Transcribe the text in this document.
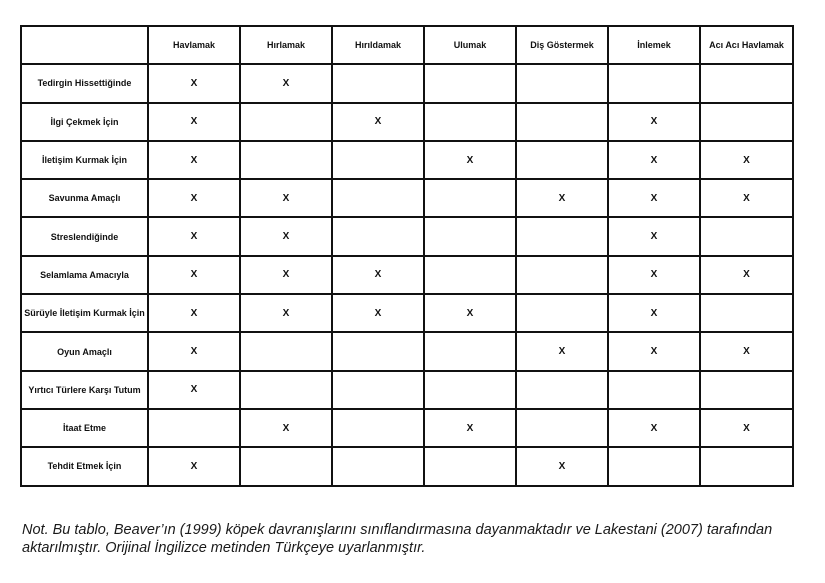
	Havlamak	Hırlamak	Hırıldamak	Ulumak	Diş Göstermek	İnlemek	Acı Acı Havlamak
Tedirgin Hissettiğinde	X	X					
İlgi Çekmek İçin	X		X			X	
İletişim Kurmak İçin	X			X		X	X
Savunma Amaçlı	X	X			X	X	X
Streslendiğinde	X	X				X	
Selamlama Amacıyla	X	X	X			X	X
Sürüyle İletişim Kurmak İçin	X	X	X	X		X	
Oyun Amaçlı	X				X	X	X
Yırtıcı Türlere Karşı Tutum	X						
İtaat Etme		X		X		X	X
Tehdit Etmek İçin	X				X		

Not. Bu tablo, Beaver’ın (1999) köpek davranışlarını sınıflandırmasına dayanmaktadır ve Lakestani (2007) tarafından aktarılmıştır. Orijinal İngilizce metinden Türkçeye uyarlanmıştır.
